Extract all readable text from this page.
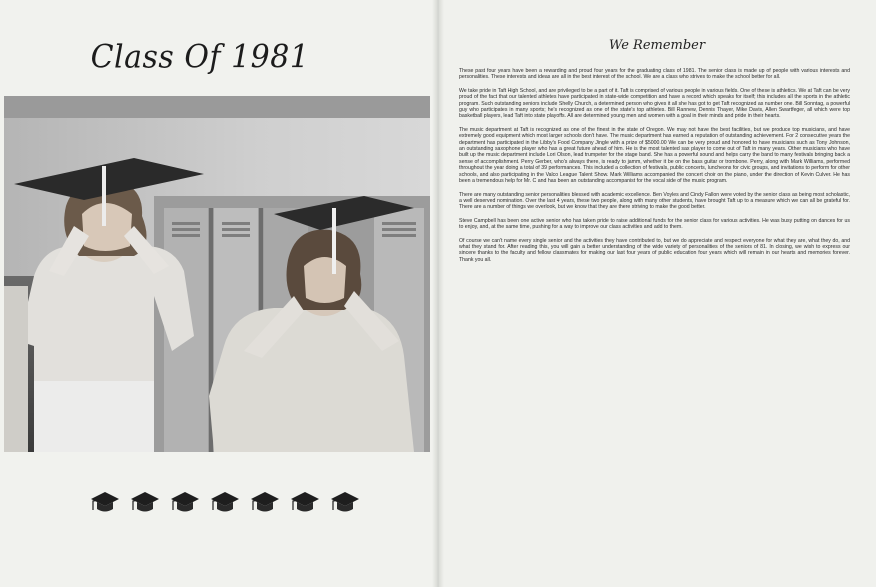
Class Of 1981	We Remember

These past four years have been a rewarding and proud four years for the graduating class of 1981. The senior class is made up of people with various interests and personalities. These interests and ideas are all in the best interest of the school. We are a class who strives to make the school better for all.

We take pride in Taft High School, and are privileged to be a part of it. Taft is comprised of various people in various fields. One of these is athletics. We at Taft can be very proud of the fact that our talented athletes have participated in state-wide competition and have a record which speaks for itself; this includes all the sports in the athletic program. Such outstanding seniors include Shelly Church, a determined person who gives it all she has got to get Taft recognized as number one. Bill Sonntag, a powerful guy who participates in many sports; he's recognized as one of the state's top athletes. Bill Rannew, Dennis Thayer, Mike Davis, Allen Swartfeger, all which were top basketball players, lead Taft into state playoffs. All are determined young men and women with a goal in their minds and pride in their hearts.

The music department at Taft is recognized as one of the finest in the state of Oregon. We may not have the best facilities, but we produce top musicians, and have extremely good equipment which most larger schools don't have. The music department has earned a reputation of outstanding achievement. For 2 consecutive years the department has participated in the Libby's Food Company Jingle with a prize of $5000.00 We can be very proud and honored to have musicians such as Tony Johnson, an outstanding saxophone player who has a great future ahead of him. He is the most talented sax player to come out of Taft in many years. Other musicians who have built up the music department include Lori Olson, lead trumpeter for the stage band. She has a powerful sound and helps carry the band to many festivals bringing back a sense of accomplishment. Perry Gerber, who's always there, is ready to jamm, whether it be on the bass guitar or trombone. Perry, along with Mark Williams, performed throughout the year doing a total of 39 performances. This included a collection of festivals, public concerts, luncheons for civic groups, and invitations to perform for other schools, and also participating in the Valco League Talent Show. Mark Williams accompanied the concert choir on the piano, under the direction of Kevin Culver. He has been a tremendous help for Mr. C and has been an outstanding accompanist for the vocal side of the music program.

There are many outstanding senior personalities blessed with academic excellence. Ben Voyles and Cindy Fallon were voted by the senior class as being most scholastic, a well deserved nomination. Over the last 4 years, these two people, along with many other students, have brought Taft up to a measure which we can all be grateful for. There are a number of things we overlook, but we know that they are there striving to make the good better.

Steve Campbell has been one active senior who has taken pride to raise additional funds for the senior class for various activities. He was busy putting on dances for us to enjoy, and, at the same time, pushing for a way to improve our class activities and add to them.

Of course we can't name every single senior and the activities they have contributed to, but we do appreciate and respect everyone for what they are, what they do, and what they stand for. After reading this, you will gain a better understanding of the wide variety of personalities of the seniors of 81. In closing, we wish to express our sincere thanks to the faculty and fellow classmates for making our last four years of public education four years which will remain in our hearts and memories forever. Thank you all.
